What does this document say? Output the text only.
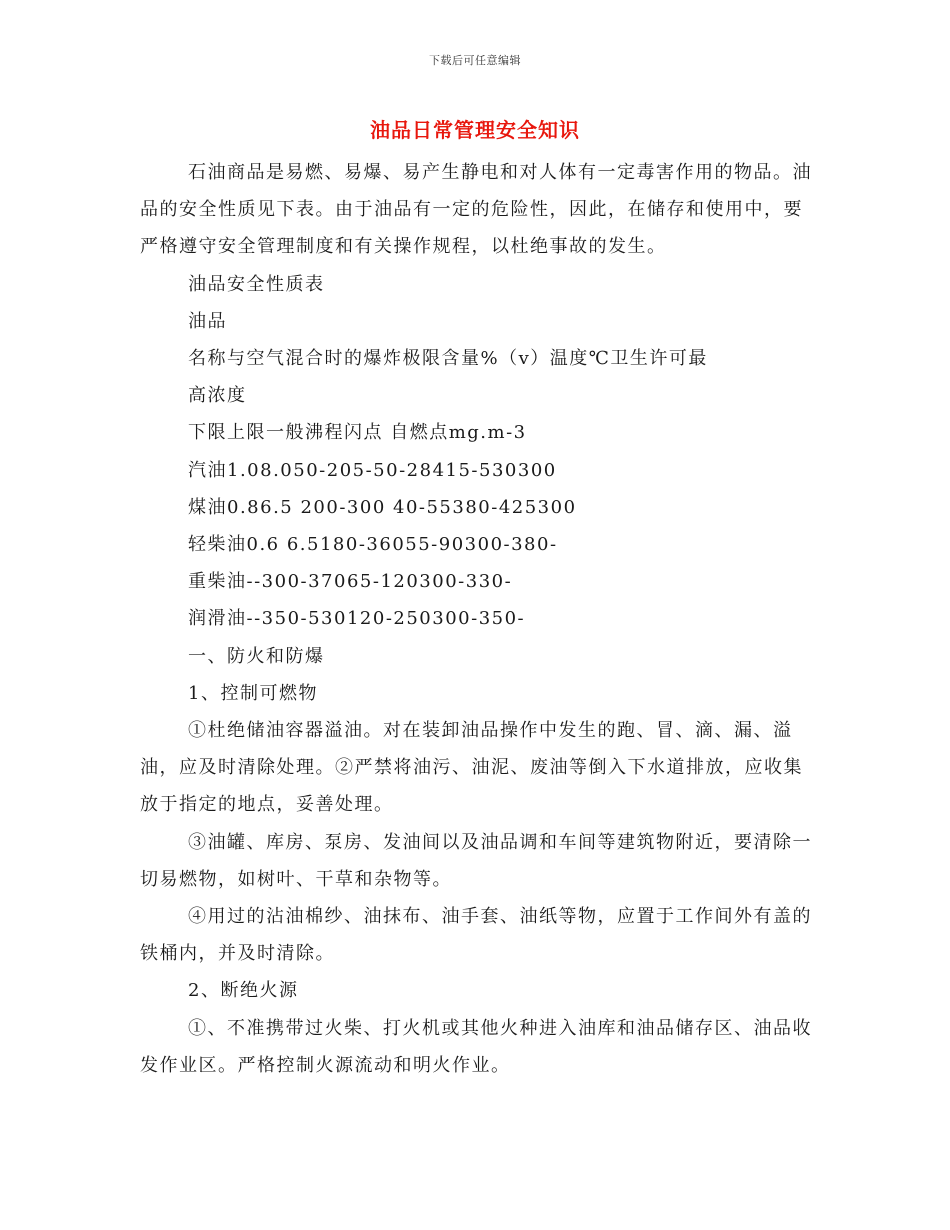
下载后可任意编辑
油品日常管理安全知识

石油商品是易燃、易爆、易产生静电和对人体有一定毒害作用的物品。油品的安全性质见下表。由于油品有一定的危险性，因此，在储存和使用中，要严格遵守安全管理制度和有关操作规程，以杜绝事故的发生。

油品安全性质表

油品

名称与空气混合时的爆炸极限含量%（v）温度℃卫生许可最

高浓度

下限上限一般沸程闪点 自燃点mg.m-3

汽油1.08.050-205-50-28415-530300

煤油0.86.5 200-300 40-55380-425300

轻柴油0.6 6.5180-36055-90300-380-

重柴油--300-37065-120300-330-

润滑油--350-530120-250300-350-

一、防火和防爆

1、控制可燃物

①杜绝储油容器溢油。对在装卸油品操作中发生的跑、冒、滴、漏、溢油，应及时清除处理。②严禁将油污、油泥、废油等倒入下水道排放，应收集放于指定的地点，妥善处理。

③油罐、库房、泵房、发油间以及油品调和车间等建筑物附近，要清除一切易燃物，如树叶、干草和杂物等。

④用过的沾油棉纱、油抹布、油手套、油纸等物，应置于工作间外有盖的铁桶内，并及时清除。

2、断绝火源

①、不准携带过火柴、打火机或其他火种进入油库和油品储存区、油品收发作业区。严格控制火源流动和明火作业。
